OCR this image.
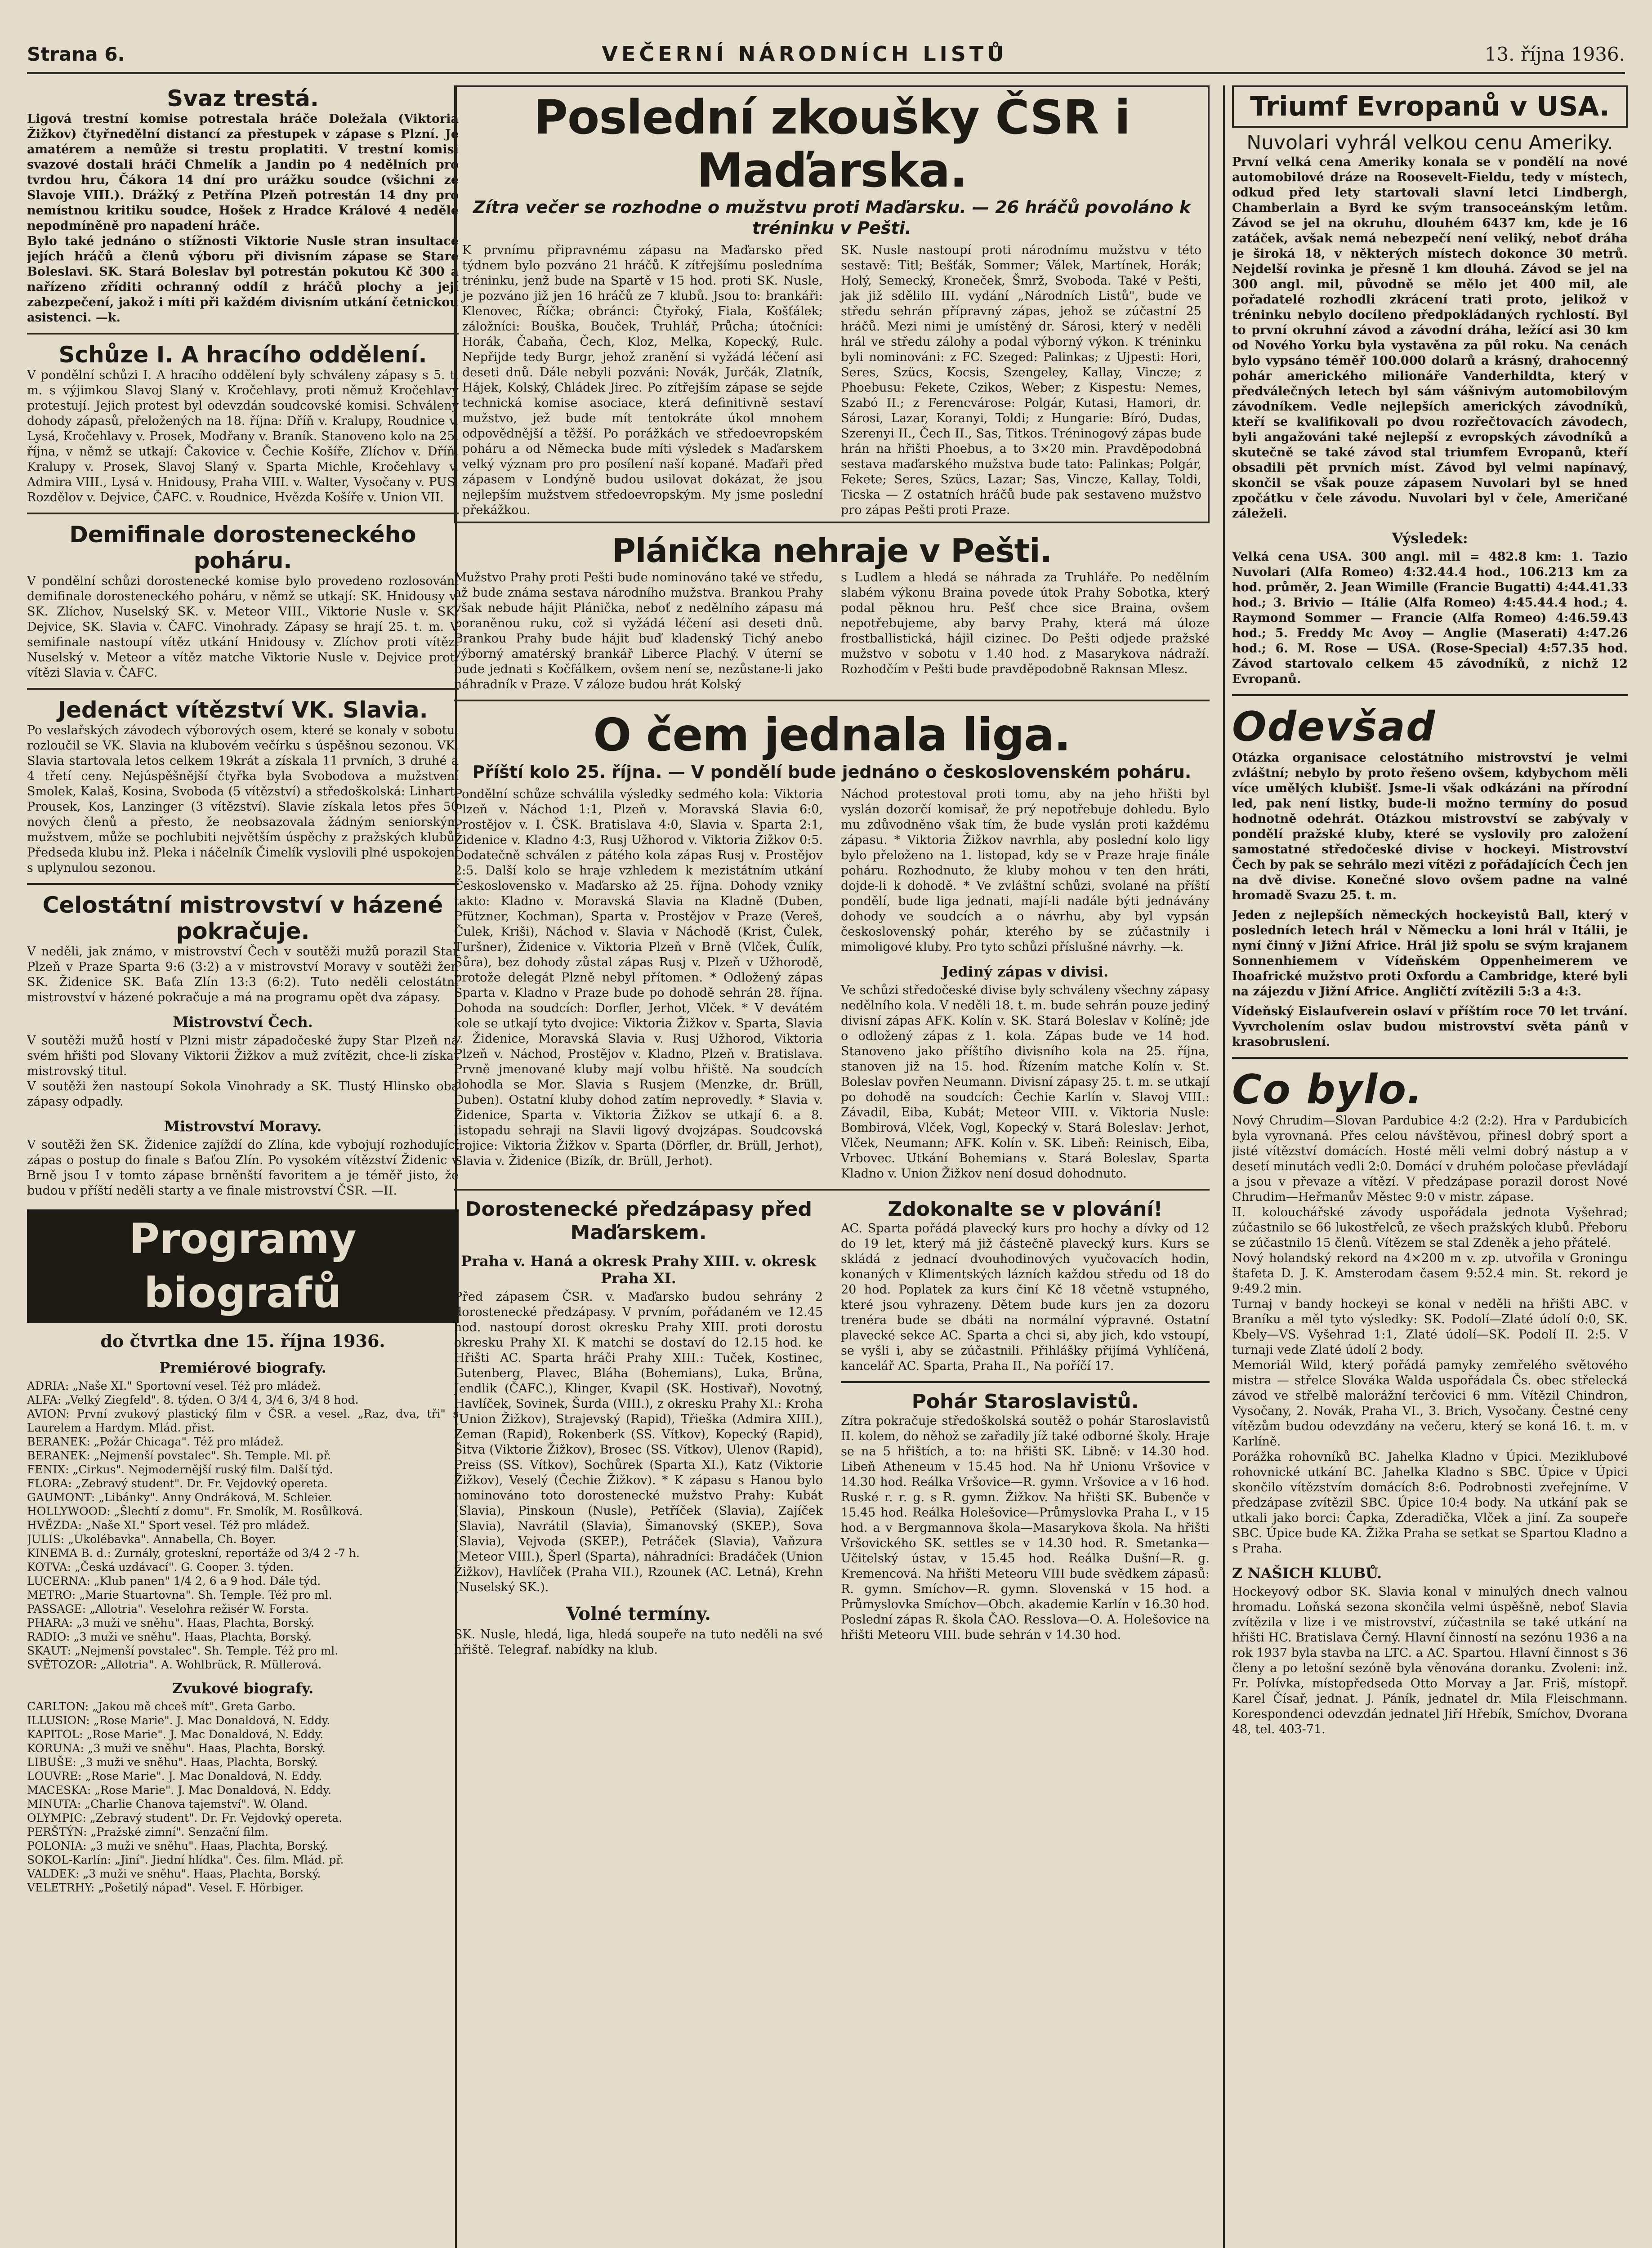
Strana 6.	VEČERNÍ NÁRODNÍCH LISTŮ	13. října 1936.
Svaz trestá.

Ligová trestní komise potrestala hráče Doležala (Viktoria Žižkov) čtyřnedělní distancí za přestupek v zápase s Plzní. Je amatérem a nemůže si trestu proplatiti. V trestní komisi svazové dostali hráči Chmelík a Jandin po 4 nedělních pro tvrdou hru, Čákora 14 dní pro urážku soudce (všichni ze Slavoje VIII.). Drážký z Petřína Plzeň potrestán 14 dny pro nemístnou kritiku soudce, Hošek z Hradce Králové 4 neděle nepodmíněně pro napadení hráče.

Bylo také jednáno o stížnosti Viktorie Nusle stran insultace jejích hráčů a členů výboru při divisním zápase se Staré Boleslavi. SK. Stará Boleslav byl potrestán pokutou Kč 300 a nařízeno zříditi ochranný oddíl z hráčů plochy a její zabezpečení, jakož i míti při každém divisním utkání četnickou asistenci. —k.

Schůze I. A hracího oddělení.

V pondělní schůzi I. A hracího oddělení byly schváleny zápasy s 5. t. m. s výjimkou Slavoj Slaný v. Kročehlavy, proti němuž Kročehlavy protestují. Jejich protest byl odevzdán soudcovské komisi. Schváleny dohody zápasů, přeložených na 18. října: Dříň v. Kralupy, Roudnice v. Lysá, Kročehlavy v. Prosek, Modřany v. Braník. Stanoveno kolo na 25. října, v němž se utkají: Čakovice v. Čechie Košíře, Zlíchov v. Dříň, Kralupy v. Prosek, Slavoj Slaný v. Sparta Michle, Kročehlavy v. Admira VIII., Lysá v. Hnidousy, Praha VIII. v. Walter, Vysočany v. PUS, Rozdělov v. Dejvice, ČAFC. v. Roudnice, Hvězda Košíře v. Union VII.

Demifinale dorosteneckého poháru.

V pondělní schůzi dorostenecké komise bylo provedeno rozlosování demifinale dorosteneckého poháru, v němž se utkají: SK. Hnidousy v. SK. Zlíchov, Nuselský SK. v. Meteor VIII., Viktorie Nusle v. SK. Dejvice, SK. Slavia v. ČAFC. Vinohrady. Zápasy se hrají 25. t. m. V semifinale nastoupí vítěz utkání Hnidousy v. Zlíchov proti vítězi Nuselský v. Meteor a vítěz matche Viktorie Nusle v. Dejvice proti vítězi Slavia v. ČAFC.

Jedenáct vítězství VK. Slavia.

Po veslařských závodech výborových osem, které se konaly v sobotu, rozloučil se VK. Slavia na klubovém večírku s úspěšnou sezonou. VK. Slavia startovala letos celkem 19krát a získala 11 prvních, 3 druhé a 4 třetí ceny. Nejúspěšnější čtyřka byla Svobodova a mužstvení Smolek, Kalaš, Kosina, Svoboda (5 vítězství) a středoškolská: Linhart, Prousek, Kos, Lanzinger (3 vítězství). Slavie získala letos přes 50 nových členů a přesto, že neobsazovala žádným seniorským mužstvem, může se pochlubiti největším úspěchy z pražských klubů. Předseda klubu inž. Pleka i náčelník Čimelík vyslovili plné uspokojení s uplynulou sezonou.

Celostátní mistrovství v házené pokračuje.

V neděli, jak známo, v mistrovství Čech v soutěži mužů porazil Star Plzeň v Praze Sparta 9:6 (3:2) a v mistrovství Moravy v soutěži žen SK. Židenice SK. Baťa Zlín 13:3 (6:2). Tuto neděli celostátní mistrovství v házené pokračuje a má na programu opět dva zápasy.

Mistrovství Čech.

V soutěži mužů hostí v Plzni mistr západočeské župy Star Plzeň na svém hřišti pod Slovany Viktorii Žižkov a muž zvítězit, chce-li získat mistrovský titul.

V soutěži žen nastoupí Sokola Vinohrady a SK. Tlustý Hlinsko oba zápasy odpadly.

Mistrovství Moravy.

V soutěži žen SK. Židenice zajíždí do Zlína, kde vybojují rozhodující zápas o postup do finale s Baťou Zlín. Po vysokém vítězství Židenic v Brně jsou I v tomto zápase brněnští favoritem a je téměř jisto, že budou v příští neděli starty a ve finale mistrovství ČSR. —II.

Programy biografů
do čtvrtka dne 15. října 1936.
Premiérové biografy.

ADRIA: „Naše XI." Sportovní vesel. Též pro mládež.

ALFA: „Velký Ziegfeld". 8. týden. O 3/4 4, 3/4 6, 3/4 8 hod.

AVION: První zvukový plastický film v ČSR. a vesel. „Raz, dva, tři" s Laurelem a Hardym. Mlád. přist.

BERANEK: „Požár Chicaga". Též pro mládež.

BERANEK: „Nejmenší povstalec". Sh. Temple. Ml. př.

FENIX: „Cirkus". Nejmodernější ruský film. Další týd.

FLORA: „Zebravý student". Dr. Fr. Vejdovký opereta.

GAUMONT: „Libánky". Anny Ondráková, M. Schleier.

HOLLYWOOD: „Šlechtí z domu". Fr. Smolík, M. Rosůlková.

HVĚZDA: „Naše XI." Sport vesel. Též pro mládež.

JULIS: „Ukolébavka". Annabella, Ch. Boyer.

KINEMA B. d.: Zurnály, groteskní, reportáže od 3/4 2 -7 h.

KOTVA: „Česká uzdávací". G. Cooper. 3. týden.

LUCERNA: „Klub panen" 1/4 2, 6 a 9 hod. Dále týd.

METRO: „Marie Stuartovna". Sh. Temple. Též pro ml.

PASSAGE: „Allotria". Veselohra režisér W. Forsta.

PHARA: „3 muži ve sněhu". Haas, Plachta, Borský.

RADIO: „3 muži ve sněhu". Haas, Plachta, Borský.

SKAUT: „Nejmenší povstalec". Sh. Temple. Též pro ml.

SVĚTOZOR: „Allotria". A. Wohlbrück, R. Müllerová.

Zvukové biografy.

CARLTON: „Jakou mě chceš mít". Greta Garbo.

ILLUSION: „Rose Marie". J. Mac Donaldová, N. Eddy.

KAPITOL: „Rose Marie". J. Mac Donaldová, N. Eddy.

KORUNA: „3 muži ve sněhu". Haas, Plachta, Borský.

LIBUŠE: „3 muži ve sněhu". Haas, Plachta, Borský.

LOUVRE: „Rose Marie". J. Mac Donaldová, N. Eddy.

MACESKA: „Rose Marie". J. Mac Donaldová, N. Eddy.

MINUTA: „Charlie Chanova tajemství". W. Oland.

OLYMPIC: „Zebravý student". Dr. Fr. Vejdovký opereta.

PERŠTÝN: „Pražské zimní". Senzační film.

POLONIA: „3 muži ve sněhu". Haas, Plachta, Borský.

SOKOL-Karlín: „Jiní". Jiední hlídka". Čes. film. Mlád. př.

VALDEK: „3 muži ve sněhu". Haas, Plachta, Borský.

VELETRHY: „Pošetilý nápad". Vesel. F. Hörbiger.

Poslední zkoušky ČSR i Maďarska.
Zítra večer se rozhodne o mužstvu proti Maďarsku. — 26 hráčů povoláno k tréninku v Pešti.

K prvnímu připravnému zápasu na Maďarsko před týdnem bylo pozváno 21 hráčů. K zítřejšímu posledníma tréninku, jenž bude na Spartě v 15 hod. proti SK. Nusle, je pozváno již jen 16 hráčů ze 7 klubů. Jsou to: brankáři: Klenovec, Říčka; obránci: Čtyřoký, Fiala, Košťálek; záložníci: Bouška, Bouček, Truhlář, Průcha; útočníci: Horák, Čabaňa, Čech, Kloz, Melka, Kopecký, Rulc. Nepřijde tedy Burgr, jehož zranění si vyžádá léčení asi deseti dnů. Dále nebyli pozváni: Novák, Jurčák, Zlatník, Hájek, Kolský, Chládek Jirec. Po zítřejším zápase se sejde technická komise asociace, která definitivně sestaví mužstvo, jež bude mít tentokráte úkol mnohem odpovědnější a těžší. Po porážkách ve středoevropském poháru a od Německa bude míti výsledek s Maďarskem velký význam pro pro posílení naší kopané. Maďaři před zápasem v Londýně budou usilovat dokázat, že jsou nejlepším mužstvem středoevropským. My jsme poslední překážkou.

SK. Nusle nastoupí proti národnímu mužstvu v této sestavě: Titl; Bešťák, Sommer; Válek, Martínek, Horák; Holý, Semecký, Kroneček, Šmrž, Svoboda. Také v Pešti, jak již sdělilo III. vydání „Národních Listů", bude ve středu sehrán přípravný zápas, jehož se zúčastní 25 hráčů. Mezi nimi je umístěný dr. Sárosi, který v neděli hrál ve středu zálohy a podal výborný výkon. K tréninku byli nominováni: z FC. Szeged: Palinkas; z Ujpesti: Hori, Seres, Szücs, Kocsis, Szengeley, Kallay, Vincze; z Phoebusu: Fekete, Czikos, Weber; z Kispestu: Nemes, Szabó II.; z Ferencvárose: Polgár, Kutasi, Hamori, dr. Sárosi, Lazar, Koranyi, Toldi; z Hungarie: Bíró, Dudas, Szerenyi II., Čech II., Sas, Titkos. Tréninogový zápas bude hrán na hřišti Phoebus, a to 3×20 min. Pravděpodobná sestava maďarského mužstva bude tato: Palinkas; Polgár, Fekete; Seres, Szücs, Lazar; Sas, Vincze, Kallay, Toldi, Ticska — Z ostatních hráčů bude pak sestaveno mužstvo pro zápas Pešti proti Praze.

Plánička nehraje v Pešti.

Mužstvo Prahy proti Pešti bude nominováno také ve středu, až bude známa sestava národního mužstva. Brankou Prahy však nebude hájit Plánička, neboť z nedělního zápasu má poraněnou ruku, což si vyžádá léčení asi deseti dnů. Brankou Prahy bude hájit buď kladenský Tichý anebo výborný amatérský brankář Liberce Plachý. V úterní se bude jednati s Kočfálkem, ovšem není se, nezůstane-li jako náhradník v Praze. V záloze budou hrát Kolský

s Ludlem a hledá se náhrada za Truhláře. Po nedělním slabém výkonu Braina povede útok Prahy Sobotka, který podal pěknou hru. Pešť chce sice Braina, ovšem nepotřebujeme, aby barvy Prahy, která má úloze frostballistická, hájil cizinec. Do Pešti odjede pražské mužstvo v sobotu v 1.40 hod. z Masarykova nádraží. Rozhodčím v Pešti bude pravděpodobně Raknsan Mlesz.

O čem jednala liga.
Příští kolo 25. října. — V pondělí bude jednáno o československém poháru.

Pondělní schůze schválila výsledky sedmého kola: Viktoria Plzeň v. Náchod 1:1, Plzeň v. Moravská Slavia 6:0, Prostějov v. I. ČSK. Bratislava 4:0, Slavia v. Sparta 2:1, Židenice v. Kladno 4:3, Rusj Užhorod v. Viktoria Žižkov 0:5. Dodatečně schválen z pátého kola zápas Rusj v. Prostějov 2:5. Další kolo se hraje vzhledem k mezistátním utkání Československo v. Maďarsko až 25. října. Dohody vzniky takto: Kladno v. Moravská Slavia na Kladně (Duben, Pfützner, Kochman), Sparta v. Prostějov v Praze (Vereš, Čulek, Kriši), Náchod v. Slavia v Náchodě (Krist, Čulek, Turšner), Židenice v. Viktoria Plzeň v Brně (Vlček, Čulík, Šůra), bez dohody zůstal zápas Rusj v. Plzeň v Užhorodě, protože delegát Plzně nebyl přítomen. * Odložený zápas Sparta v. Kladno v Praze bude po dohodě sehrán 28. října. Dohoda na soudcích: Dorfler, Jerhot, Vlček. * V devátém kole se utkají tyto dvojice: Viktoria Žižkov v. Sparta, Slavia v. Židenice, Moravská Slavia v. Rusj Užhorod, Viktoria Plzeň v. Náchod, Prostějov v. Kladno, Plzeň v. Bratislava. Prvně jmenované kluby mají volbu hřiště. Na soudcích dohodla se Mor. Slavia s Rusjem (Menzke, dr. Brüll, Duben). Ostatní kluby dohod zatím neprovedly. * Slavia v. Židenice, Sparta v. Viktoria Žižkov se utkají 6. a 8. listopadu sehraji na Slavii ligový dvojzápas. Soudcovská trojice: Viktoria Žižkov v. Sparta (Dörfler, dr. Brüll, Jerhot), Slavia v. Židenice (Bizík, dr. Brüll, Jerhot).

Náchod protestoval proti tomu, aby na jeho hřišti byl vyslán dozorčí komisař, že prý nepotřebuje dohledu. Bylo mu zdůvodněno však tím, že bude vyslán proti každému zápasu. * Viktoria Žižkov navrhla, aby poslední kolo ligy bylo přeloženo na 1. listopad, kdy se v Praze hraje finále poháru. Rozhodnuto, že kluby mohou v ten den hráti, dojde-li k dohodě. * Ve zvláštní schůzi, svolané na příští pondělí, bude liga jednati, mají-li nadále býti jednávány dohody ve soudcích a o návrhu, aby byl vypsán československý pohár, kterého by se zúčastnily i mimoligové kluby. Pro tyto schůzi příslušné návrhy. —k.

Jediný zápas v divisi.

Ve schůzi středočeské divise byly schváleny všechny zápasy nedělního kola. V neděli 18. t. m. bude sehrán pouze jediný divisní zápas AFK. Kolín v. SK. Stará Boleslav v Kolíně; jde o odložený zápas z 1. kola. Zápas bude ve 14 hod. Stanoveno jako příštího divisního kola na 25. října, stanoven již na 15. hod. Řízením matche Kolín v. St. Boleslav povřen Neumann. Divisní zápasy 25. t. m. se utkají po dohodě na soudcích: Čechie Karlín v. Slavoj VIII.: Závadil, Eiba, Kubát; Meteor VIII. v. Viktoria Nusle: Bombirová, Vlček, Vogl, Kopecký v. Stará Boleslav: Jerhot, Vlček, Neumann; AFK. Kolín v. SK. Libeň: Reinisch, Eiba, Vrbovec. Utkání Bohemians v. Stará Boleslav, Sparta Kladno v. Union Žižkov není dosud dohodnuto.

Dorostenecké předzápasy před Maďarskem.
Praha v. Haná a okresk Prahy XIII. v. okresk Praha XI.

Před zápasem ČSR. v. Maďarsko budou sehrány 2 dorostenecké předzápasy. V prvním, pořádaném ve 12.45 hod. nastoupí dorost okresku Prahy XIII. proti dorostu okresku Prahy XI. K matchi se dostaví do 12.15 hod. ke Hřišti AC. Sparta hráči Prahy XIII.: Tuček, Kostinec, Gutenberg, Plavec, Bláha (Bohemians), Luka, Brůna, Jendlik (ČAFC.), Klinger, Kvapil (SK. Hostivař), Novotný, Havlíček, Sovinek, Šurda (VIII.), z okresku Prahy XI.: Kroha (Union Žižkov), Strajevský (Rapid), Třieška (Admira XIII.), Zeman (Rapid), Rokenberk (SS. Vítkov), Kopecký (Rapid), Šitva (Viktorie Žižkov), Brosec (SS. Vítkov), Ulenov (Rapid), Preiss (SS. Vítkov), Sochůrek (Sparta XI.), Katz (Viktorie Žižkov), Veselý (Čechie Žižkov). * K zápasu s Hanou bylo nominováno toto dorostenecké mužstvo Prahy: Kubát (Slavia), Pinskoun (Nusle), Petříček (Slavia), Zajíček (Slavia), Navrátil (Slavia), Šimanovský (SKEP.), Sova (Slavia), Vejvoda (SKEP.), Petráček (Slavia), Vaňzura (Meteor VIII.), Šperl (Sparta), náhradníci: Bradáček (Union Žižkov), Havlíček (Praha VII.), Rzounek (AC. Letná), Krehn (Nuselský SK.).

Volné termíny.

SK. Nusle, hledá, liga, hledá soupeře na tuto neděli na své hřiště. Telegraf. nabídky na klub.

Zdokonalte se v plování!

AC. Sparta pořádá plavecký kurs pro hochy a dívky od 12 do 19 let, který má již částečně plavecký kurs. Kurs se skládá z jednací dvouhodinových vyučovacích hodin, konaných v Klimentských lázních každou středu od 18 do 20 hod. Poplatek za kurs činí Kč 18 včetně vstupného, které jsou vyhrazeny. Dětem bude kurs jen za dozoru trenéra bude se dbáti na normální výpravné. Ostatní plavecké sekce AC. Sparta a chci si, aby jich, kdo vstoupí, se vyšli i, aby se zúčastnili. Přihlášky přijímá Vyhlíčená, kancelář AC. Sparta, Praha II., Na poříčí 17.

Pohár Staroslavistů.

Zítra pokračuje středoškolská soutěž o pohár Staroslavistů II. kolem, do něhož se zařadily jíž také odborné školy. Hraje se na 5 hřištích, a to: na hřišti SK. Libně: v 14.30 hod. Libeň Atheneum v 15.45 hod. Na hř Unionu Vršovice v 14.30 hod. Reálka Vršovice—R. gymn. Vršovice a v 16 hod. Ruské r. r. g. s R. gymn. Žižkov. Na hřišti SK. Bubenče v 15.45 hod. Reálka Holešovice—Průmyslovka Praha I., v 15 hod. a v Bergmannova škola—Masarykova škola. Na hřišti Vršovického SK. settles se v 14.30 hod. R. Smetanka—Učitelský ústav, v 15.45 hod. Reálka Dušní—R. g. Kremencová. Na hřišti Meteoru VIII bude svědkem zápasů: R. gymn. Smíchov—R. gymn. Slovenská v 15 hod. a Průmyslovka Smíchov—Obch. akademie Karlín v 16.30 hod. Poslední zápas R. škola ČAO. Resslova—O. A. Holešovice na hřišti Meteoru VIII. bude sehrán v 14.30 hod.

Triumf Evropanů v USA.
Nuvolari vyhrál velkou cenu Ameriky.

První velká cena Ameriky konala se v pondělí na nové automobilové dráze na Roosevelt-Fieldu, tedy v místech, odkud před lety startovali slavní letci Lindbergh, Chamberlain a Byrd ke svým transoceánským letům. Závod se jel na okruhu, dlouhém 6437 km, kde je 16 zatáček, avšak nemá nebezpečí není veliký, neboť dráha je široká 18, v některých místech dokonce 30 metrů. Nejdelší rovinka je přesně 1 km dlouhá. Závod se jel na 300 angl. mil, původně se mělo jet 400 mil, ale pořadatelé rozhodli zkrácení trati proto, jelikož v tréninku nebylo docíleno předpokládaných rychlostí. Byl to první okruhní závod a závodní dráha, ležící asi 30 km od Nového Yorku byla vystavěna za půl roku. Na cenách bylo vypsáno téměř 100.000 dolarů a krásný, drahocenný pohár amerického milionáře Vanderhildta, který v předválečných letech byl sám vášnivým automobilovým závodníkem. Vedle nejlepších amerických závodníků, kteří se kvalifikovali po dvou rozřečtovacích závodech, byli angažováni také nejlepší z evropských závodníků a skutečně se také závod stal triumfem Evropanů, kteří obsadili pět prvních míst. Závod byl velmi napínavý, skončil se však pouze zápasem Nuvolari byl se hned zpočátku v čele závodu. Nuvolari byl v čele, Američané záleželi.

Výsledek:

Velká cena USA. 300 angl. mil = 482.8 km: 1. Tazio Nuvolari (Alfa Romeo) 4:32.44.4 hod., 106.213 km za hod. průměr, 2. Jean Wimille (Francie Bugatti) 4:44.41.33 hod.; 3. Brivio — Itálie (Alfa Romeo) 4:45.44.4 hod.; 4. Raymond Sommer — Francie (Alfa Romeo) 4:46.59.43 hod.; 5. Freddy Mc Avoy — Anglie (Maserati) 4:47.26 hod.; 6. M. Rose — USA. (Rose-Special) 4:57.35 hod. Závod startovalo celkem 45 závodníků, z nichž 12 Evropanů.

Odevšad

Otázka organisace celostátního mistrovství je velmi zvláštní; nebylo by proto řešeno ovšem, kdybychom měli více umělých klubišť. Jsme-li však odkázáni na přírodní led, pak není listky, bude-li možno termíny do posud hodnotně odehrát. Otázkou mistrovství se zabývaly v pondělí pražské kluby, které se vyslovily pro založení samostatné středočeské divise v hockeyi. Mistrovství Čech by pak se sehrálo mezi vítězi z pořádajících Čech jen na dvě divise. Konečné slovo ovšem padne na valné hromadě Svazu 25. t. m.

Jeden z nejlepších německých hockeyistů Ball, který v posledních letech hrál v Německu a loni hrál v Itálii, je nyní činný v Jižní Africe. Hrál již spolu se svým krajanem Sonnenhiemem v Vídeňském Oppenheimerem ve Ihoafrické mužstvo proti Oxfordu a Cambridge, které byli na zájezdu v Jižní Africe. Angličtí zvítězili 5:3 a 4:3.

Vídeňský Eislaufverein oslaví v příštím roce 70 let trvání. Vyvrcholením oslav budou mistrovství světa pánů v krasobruslení.

Co bylo.

Nový Chrudim—Slovan Pardubice 4:2 (2:2). Hra v Pardubicích byla vyrovnaná. Přes celou návštěvou, přinesl dobrý sport a jisté vítězství domácích. Hosté měli velmi dobrý nástup a v desetí minutách vedli 2:0. Domácí v druhém poločase převládají a jsou v převaze a vítězí. V předzápase porazil dorost Nové Chrudim—Heřmanův Městec 9:0 v mistr. zápase.

II. kolouchářské závody uspořádala jednota Vyšehrad; zúčastnilo se 66 lukostřelců, ze všech pražských klubů. Přeboru se zúčastnilo 15 členů. Vítězem se stal Zdeněk a jeho přátelé.

Nový holandský rekord na 4×200 m v. zp. utvořila v Groningu štafeta D. J. K. Amsterodam časem 9:52.4 min. St. rekord je 9:49.2 min.

Turnaj v bandy hockeyi se konal v neděli na hřišti ABC. v Braníku a měl tyto výsledky: SK. Podolí—Zlaté údolí 0:0, SK. Kbely—VS. Vyšehrad 1:1, Zlaté údolí—SK. Podolí II. 2:5. V turnaji vede Zlaté údolí 2 body.

Memoriál Wild, který pořádá pamyky zemřelého světového mistra — střelce Slováka Walda uspořádala Čs. obec střelecká závod ve střelbě malorážní terčovici 6 mm. Vítězil Chindron, Vysočany, 2. Novák, Praha VI., 3. Brich, Vysočany. Čestné ceny vítězům budou odevzdány na večeru, který se koná 16. t. m. v Karlíně.

Porážka rohovníků BC. Jahelka Kladno v Úpici. Meziklubové rohovnické utkání BC. Jahelka Kladno s SBC. Úpice v Úpici skončilo vítězstvím domácích 8:6. Podrobnosti zveřejníme. V předzápase zvítězil SBC. Úpice 10:4 body. Na utkání pak se utkali jako borci: Čapka, Zderadička, Vlček a jiní. Za soupeře SBC. Úpice bude KA. Žižka Praha se setkat se Spartou Kladno a s Praha.

Z NAŠICH KLUBŮ.

Hockeyový odbor SK. Slavia konal v minulých dnech valnou hromadu. Loňská sezona skončila velmi úspěšně, neboť Slavia zvítězila v lize i ve mistrovství, zúčastnila se také utkání na hřišti HC. Bratislava Černý. Hlavní činností na sezónu 1936 a na rok 1937 byla stavba na LTC. a AC. Spartou. Hlavní činnost s 36 členy a po letošní sezóně byla věnována doranku. Zvoleni: inž. Fr. Polívka, místopředseda Otto Morvay a Jar. Friš, místopř. Karel Čísař, jednat. J. Páník, jednatel dr. Mila Fleischmann. Korespondenci odevzdán jednatel Jiří Hřebík, Smíchov, Dvorana 48, tel. 403-71.
